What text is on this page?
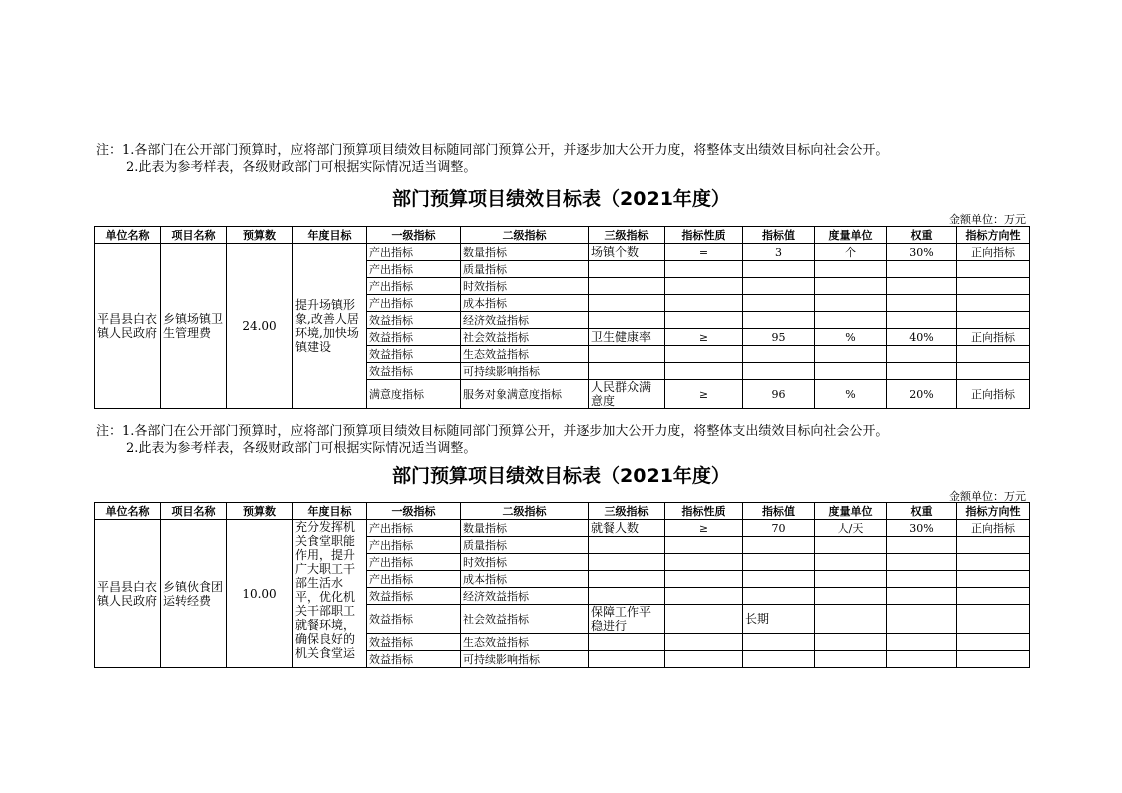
注：1.各部门在公开部门预算时，应将部门预算项目绩效目标随同部门预算公开，并逐步加大公开力度，将整体支出绩效目标向社会公开。
2.此表为参考样表，各级财政部门可根据实际情况适当调整。
部门预算项目绩效目标表（2021年度）
金额单位：万元
单位名称	项目名称	预算数	年度目标	一级指标	二级指标	三级指标	指标性质	指标值	度量单位	权重	指标方向性
平昌县白衣镇人民政府	乡镇场镇卫生管理费	24.00	提升场镇形象,改善人居环境,加快场镇建设	产出指标	数量指标	场镇个数	=	3	个	30%	正向指标
				产出指标	质量指标						
				产出指标	时效指标						
				产出指标	成本指标						
				效益指标	经济效益指标						
				效益指标	社会效益指标	卫生健康率	≥	95	%	40%	正向指标
				效益指标	生态效益指标						
				效益指标	可持续影响指标						
				满意度指标	服务对象满意度指标	人民群众满意度	≥	96	%	20%	正向指标
注：1.各部门在公开部门预算时，应将部门预算项目绩效目标随同部门预算公开，并逐步加大公开力度，将整体支出绩效目标向社会公开。
2.此表为参考样表，各级财政部门可根据实际情况适当调整。
部门预算项目绩效目标表（2021年度）
金额单位：万元
单位名称	项目名称	预算数	年度目标	一级指标	二级指标	三级指标	指标性质	指标值	度量单位	权重	指标方向性
平昌县白衣镇人民政府	乡镇伙食团运转经费	10.00	充分发挥机关食堂职能作用，提升广大职工干部生活水平，优化机关干部职工就餐环境，确保良好的机关食堂运	产出指标	数量指标	就餐人数	≥	70	人/天	30%	正向指标
				产出指标	质量指标						
				产出指标	时效指标						
				产出指标	成本指标						
				效益指标	经济效益指标						
				效益指标	社会效益指标	保障工作平稳进行		长期			
				效益指标	生态效益指标						
				效益指标	可持续影响指标						
